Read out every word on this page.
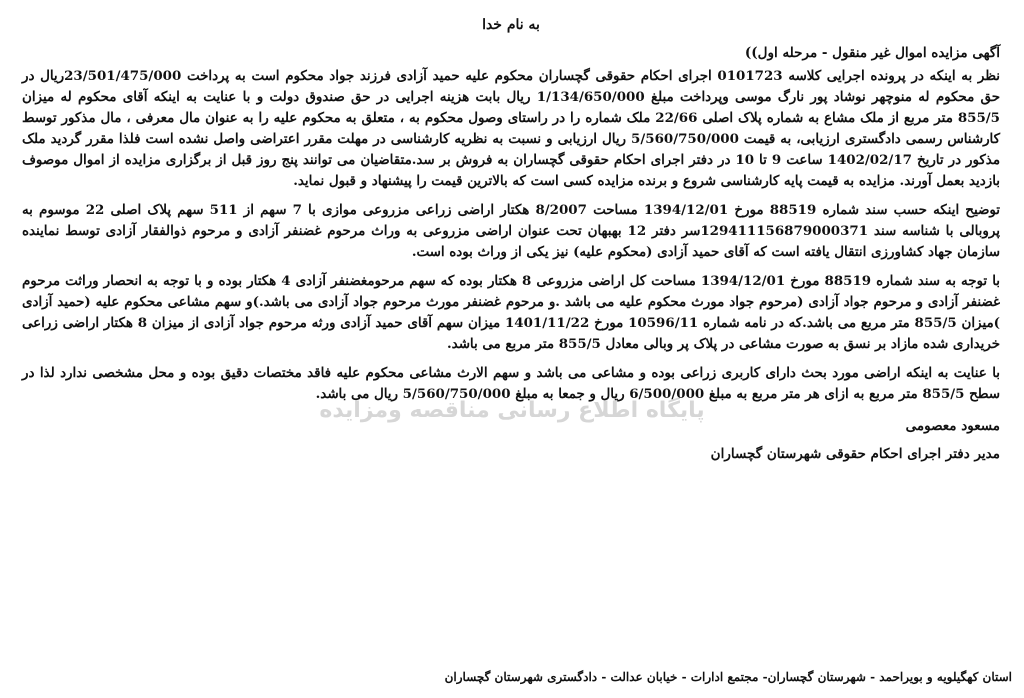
پایگاه اطلاع رسانی مناقصه ومزایده
به نام خدا
آگهی مزایده اموال غیر منقول - مرحله اول))

نظر به اینکه در پرونده اجرایی کلاسه 0101723 اجرای احکام حقوقی گچساران محکوم علیه حمید آزادی فرزند جواد محکوم است به پرداخت 23/501/475/000ریال در حق محکوم له منوچهر نوشاد پور نارگ موسی وپرداخت مبلغ 1/134/650/000 ریال بابت هزینه اجرایی در حق صندوق دولت و با عنایت به اینکه آقای محکوم له میزان 855/5 متر مربع از ملک مشاع به شماره پلاک اصلی 22/66 ملک شماره را در راستای وصول محکوم به ، متعلق به محکوم علیه را به عنوان مال معرفی ، مال مذکور توسط کارشناس رسمی دادگستری ارزیابی، به قیمت 5/560/750/000 ریال ارزیابی و نسبت به نظریه کارشناسی در مهلت مقرر اعتراضی واصل نشده است فلذا مقرر گردید ملک مذکور در تاریخ 1402/02/17 ساعت 9 تا 10 در دفتر اجرای احکام حقوقی گچساران به فروش بر سد.متقاضیان می توانند پنج روز قبل از برگزاری مزایده از اموال موصوف بازدید بعمل آورند. مزایده به قیمت پایه کارشناسی شروع و برنده مزایده کسی است که بالاترین قیمت را پیشنهاد و قبول نماید.

توضیح اینکه حسب سند شماره 88519 مورخ 1394/12/01 مساحت 8/2007 هکتار اراضی زراعی مزروعی موازی با 7 سهم از 511 سهم پلاک اصلی 22 موسوم به پروبالی با شناسه سند 129411156879000371سر دفتر 12 بهبهان تحت عنوان اراضی مزروعی به وراث مرحوم غضنفر آزادی و مرحوم ذوالفقار آزادی توسط نماینده سازمان جهاد کشاورزی انتقال یافته است که آقای حمید آزادی (محکوم علیه) نیز یکی از وراث بوده است.

با توجه به سند شماره 88519 مورخ 1394/12/01 مساحت کل اراضی مزروعی 8 هکتار بوده که سهم مرحومغضنفر آزادی 4 هکتار بوده و با توجه به انحصار وراثت مرحوم غضنفر آزادی و مرحوم جواد آزادی (مرحوم جواد مورث محکوم علیه می باشد .و مرحوم غضنفر مورث مرحوم جواد آزادی می باشد.)و سهم مشاعی محکوم علیه (حمید آزادی )میزان 855/5 متر مربع می باشد.که در نامه شماره 10596/11 مورخ 1401/11/22 میزان سهم آقای حمید آزادی ورثه مرحوم جواد آزادی از میزان 8 هکتار اراضی زراعی خریداری شده مازاد بر نسق به صورت مشاعی در پلاک پر وبالی معادل 855/5 متر مربع می باشد.

با عنایت به اینکه اراضی مورد بحث دارای کاربری زراعی بوده و مشاعی می باشد و سهم الارث مشاعی محکوم علیه فاقد مختصات دقیق بوده و محل مشخصی ندارد لذا در سطح 855/5 متر مربع به ازای هر متر مربع به مبلغ 6/500/000 ریال و جمعا به مبلغ 5/560/750/000 ریال می باشد.

مسعود معصومی
مدیر دفتر اجرای احکام حقوقی شهرستان گچساران
استان کهگیلویه و بویراحمد - شهرستان گچساران- مجتمع ادارات - خیابان عدالت - دادگستری شهرستان گچساران
